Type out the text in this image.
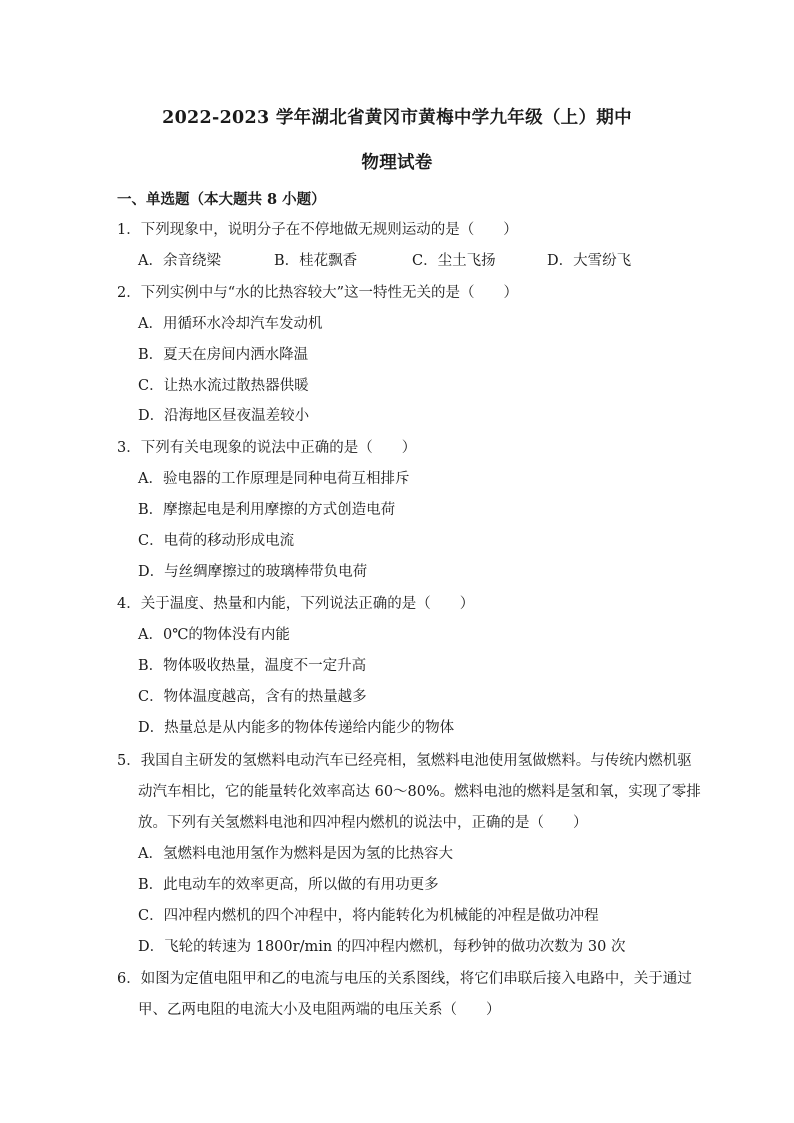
2022-2023 学年湖北省黄冈市黄梅中学九年级（上）期中
物理试卷
一、单选题（本大题共 8 小题）
1．下列现象中，说明分子在不停地做无规则运动的是（　　）
A．余音绕梁	B．桂花飘香	C．尘土飞扬	D．大雪纷飞
2．下列实例中与“水的比热容较大”这一特性无关的是（　　）
A．用循环水冷却汽车发动机
B．夏天在房间内洒水降温
C．让热水流过散热器供暖
D．沿海地区昼夜温差较小
3．下列有关电现象的说法中正确的是（　　）
A．验电器的工作原理是同种电荷互相排斥
B．摩擦起电是利用摩擦的方式创造电荷
C．电荷的移动形成电流
D．与丝绸摩擦过的玻璃棒带负电荷
4．关于温度、热量和内能，下列说法正确的是（　　）
A．0℃的物体没有内能
B．物体吸收热量，温度不一定升高
C．物体温度越高，含有的热量越多
D．热量总是从内能多的物体传递给内能少的物体
5．我国自主研发的氢燃料电动汽车已经亮相，氢燃料电池使用氢做燃料。与传统内燃机驱
动汽车相比，它的能量转化效率高达 60～80%。燃料电池的燃料是氢和氧，实现了零排
放。下列有关氢燃料电池和四冲程内燃机的说法中，正确的是（　　）
A．氢燃料电池用氢作为燃料是因为氢的比热容大
B．此电动车的效率更高，所以做的有用功更多
C．四冲程内燃机的四个冲程中，将内能转化为机械能的冲程是做功冲程
D．飞轮的转速为 1800r/min 的四冲程内燃机，每秒钟的做功次数为 30 次
6．如图为定值电阻甲和乙的电流与电压的关系图线，将它们串联后接入电路中，关于通过
甲、乙两电阻的电流大小及电阻两端的电压关系（　　）
